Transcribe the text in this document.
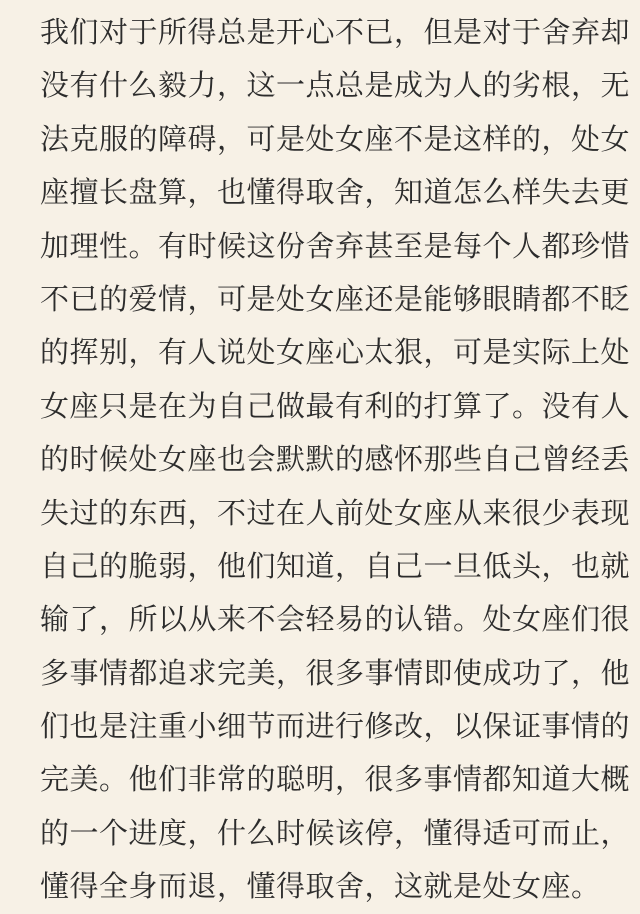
我们对于所得总是开心不已，但是对于舍弃却
没有什么毅力，这一点总是成为人的劣根，无
法克服的障碍，可是处女座不是这样的，处女
座擅长盘算，也懂得取舍，知道怎么样失去更
加理性。有时候这份舍弃甚至是每个人都珍惜
不已的爱情，可是处女座还是能够眼睛都不眨
的挥别，有人说处女座心太狠，可是实际上处
女座只是在为自己做最有利的打算了。没有人
的时候处女座也会默默的感怀那些自己曾经丢
失过的东西，不过在人前处女座从来很少表现
自己的脆弱，他们知道，自己一旦低头，也就
输了，所以从来不会轻易的认错。处女座们很
多事情都追求完美，很多事情即使成功了，他
们也是注重小细节而进行修改，以保证事情的
完美。他们非常的聪明，很多事情都知道大概
的一个进度，什么时候该停，懂得适可而止，
懂得全身而退，懂得取舍，这就是处女座。
